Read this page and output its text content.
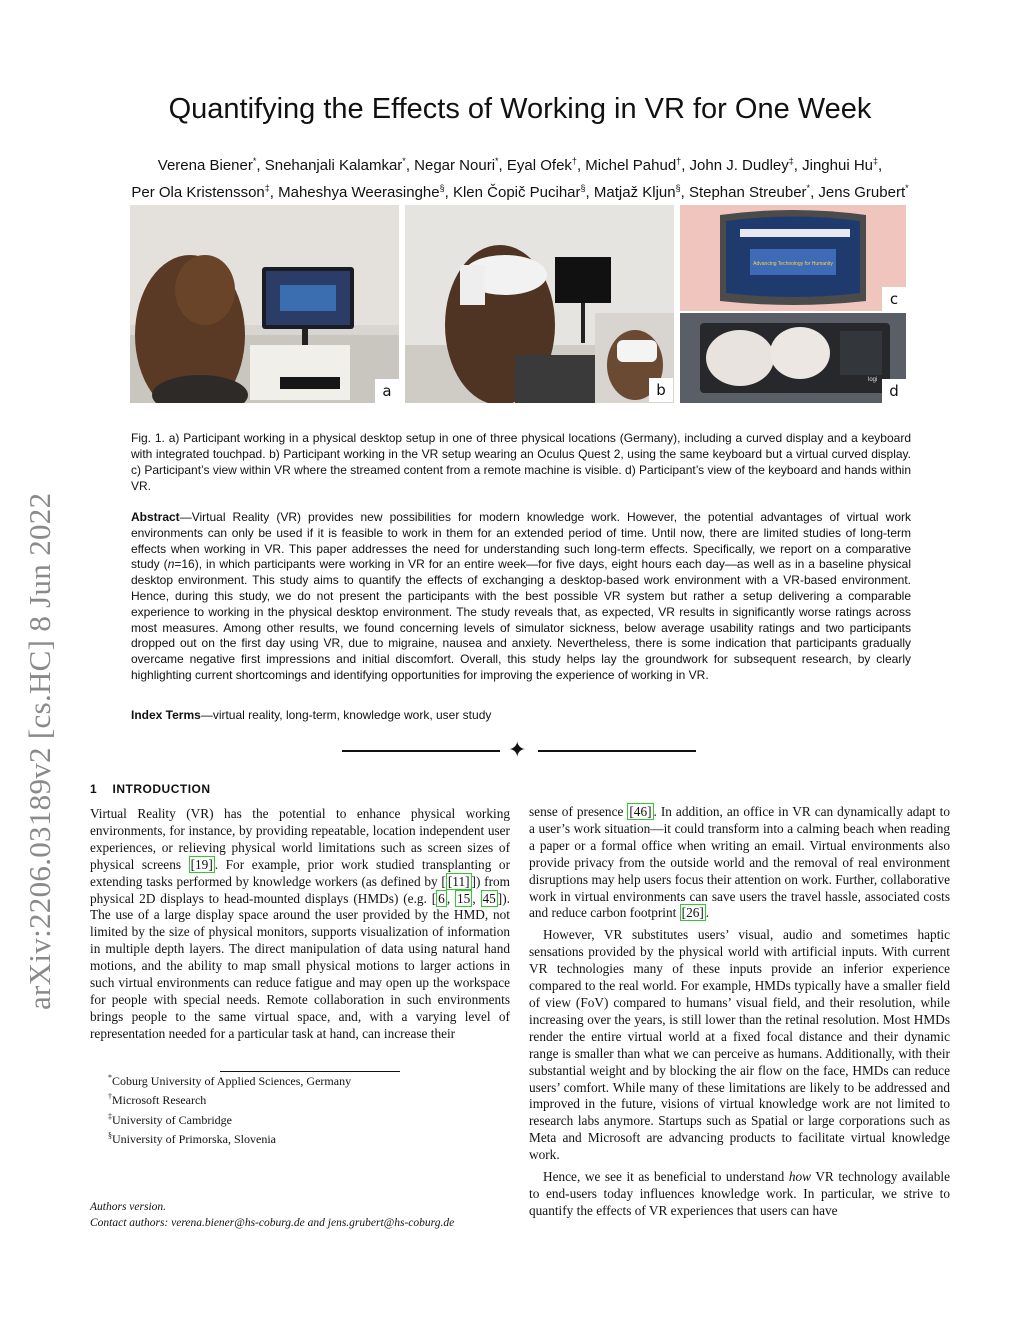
arXiv:2206.03189v2 [cs.HC] 8 Jun 2022
Quantifying the Effects of Working in VR for One Week
Verena Biener*, Snehanjali Kalamkar*, Negar Nouri*, Eyal Ofek†, Michel Pahud†, John J. Dudley‡, Jinghui Hu‡,
Per Ola Kristensson‡, Maheshya Weerasinghe§, Klen Čopič Pucihar§, Matjaž Kljun§, Stephan Streuber*, Jens Grubert*
a	b
Advancing Technology for Humanity
c
logi
d
Fig. 1. a) Participant working in a physical desktop setup in one of three physical locations (Germany), including a curved display and a keyboard with integrated touchpad. b) Participant working in the VR setup wearing an Oculus Quest 2, using the same keyboard but a virtual curved display. c) Participant’s view within VR where the streamed content from a remote machine is visible. d) Participant’s view of the keyboard and hands within VR.
Abstract—Virtual Reality (VR) provides new possibilities for modern knowledge work. However, the potential advantages of virtual work environments can only be used if it is feasible to work in them for an extended period of time. Until now, there are limited studies of long-term effects when working in VR. This paper addresses the need for understanding such long-term effects. Specifically, we report on a comparative study (n=16), in which participants were working in VR for an entire week—for five days, eight hours each day—as well as in a baseline physical desktop environment. This study aims to quantify the effects of exchanging a desktop-based work environment with a VR-based environment. Hence, during this study, we do not present the participants with the best possible VR system but rather a setup delivering a comparable experience to working in the physical desktop environment. The study reveals that, as expected, VR results in significantly worse ratings across most measures. Among other results, we found concerning levels of simulator sickness, below average usability ratings and two participants dropped out on the first day using VR, due to migraine, nausea and anxiety. Nevertheless, there is some indication that participants gradually overcame negative first impressions and initial discomfort. Overall, this study helps lay the groundwork for subsequent research, by clearly highlighting current shortcomings and identifying opportunities for improving the experience of working in VR.
Index Terms—virtual reality, long-term, knowledge work, user study
✦
1 INTRODUCTION

Virtual Reality (VR) has the potential to enhance physical working environments, for instance, by providing repeatable, location independent user experiences, or relieving physical world limitations such as screen sizes of physical screens [19] . For example, prior work studied transplanting or extending tasks performed by knowledge workers (as defined by [ [11] ]) from physical 2D displays to head-mounted displays (HMDs) (e.g. [ 6 , 15 , 45 ]). The use of a large display space around the user provided by the HMD, not limited by the size of physical monitors, supports visualization of information in multiple depth layers. The direct manipulation of data using natural hand motions, and the ability to map small physical motions to larger actions in such virtual environments can reduce fatigue and may open up the workspace for people with special needs. Remote collaboration in such environments brings people to the same virtual space, and, with a varying level of representation needed for a particular task at hand, can increase their

*Coburg University of Applied Sciences, Germany
†Microsoft Research
‡University of Cambridge
§University of Primorska, Slovenia
Authors version.
Contact authors: verena.biener@hs-coburg.de and jens.grubert@hs-coburg.de

sense of presence [46] . In addition, an office in VR can dynamically adapt to a user’s work situation—it could transform into a calming beach when reading a paper or a formal office when writing an email. Virtual environments also provide privacy from the outside world and the removal of real environment disruptions may help users focus their attention on work. Further, collaborative work in virtual environments can save users the travel hassle, associated costs and reduce carbon footprint [26] .

However, VR substitutes users’ visual, audio and sometimes haptic sensations provided by the physical world with artificial inputs. With current VR technologies many of these inputs provide an inferior experience compared to the real world. For example, HMDs typically have a smaller field of view (FoV) compared to humans’ visual field, and their resolution, while increasing over the years, is still lower than the retinal resolution. Most HMDs render the entire virtual world at a fixed focal distance and their dynamic range is smaller than what we can perceive as humans. Additionally, with their substantial weight and by blocking the air flow on the face, HMDs can reduce users’ comfort. While many of these limitations are likely to be addressed and improved in the future, visions of virtual knowledge work are not limited to research labs anymore. Startups such as Spatial or large corporations such as Meta and Microsoft are advancing products to facilitate virtual knowledge work.

Hence, we see it as beneficial to understand how VR technology available to end-users today influences knowledge work. In particular, we strive to quantify the effects of VR experiences that users can have
